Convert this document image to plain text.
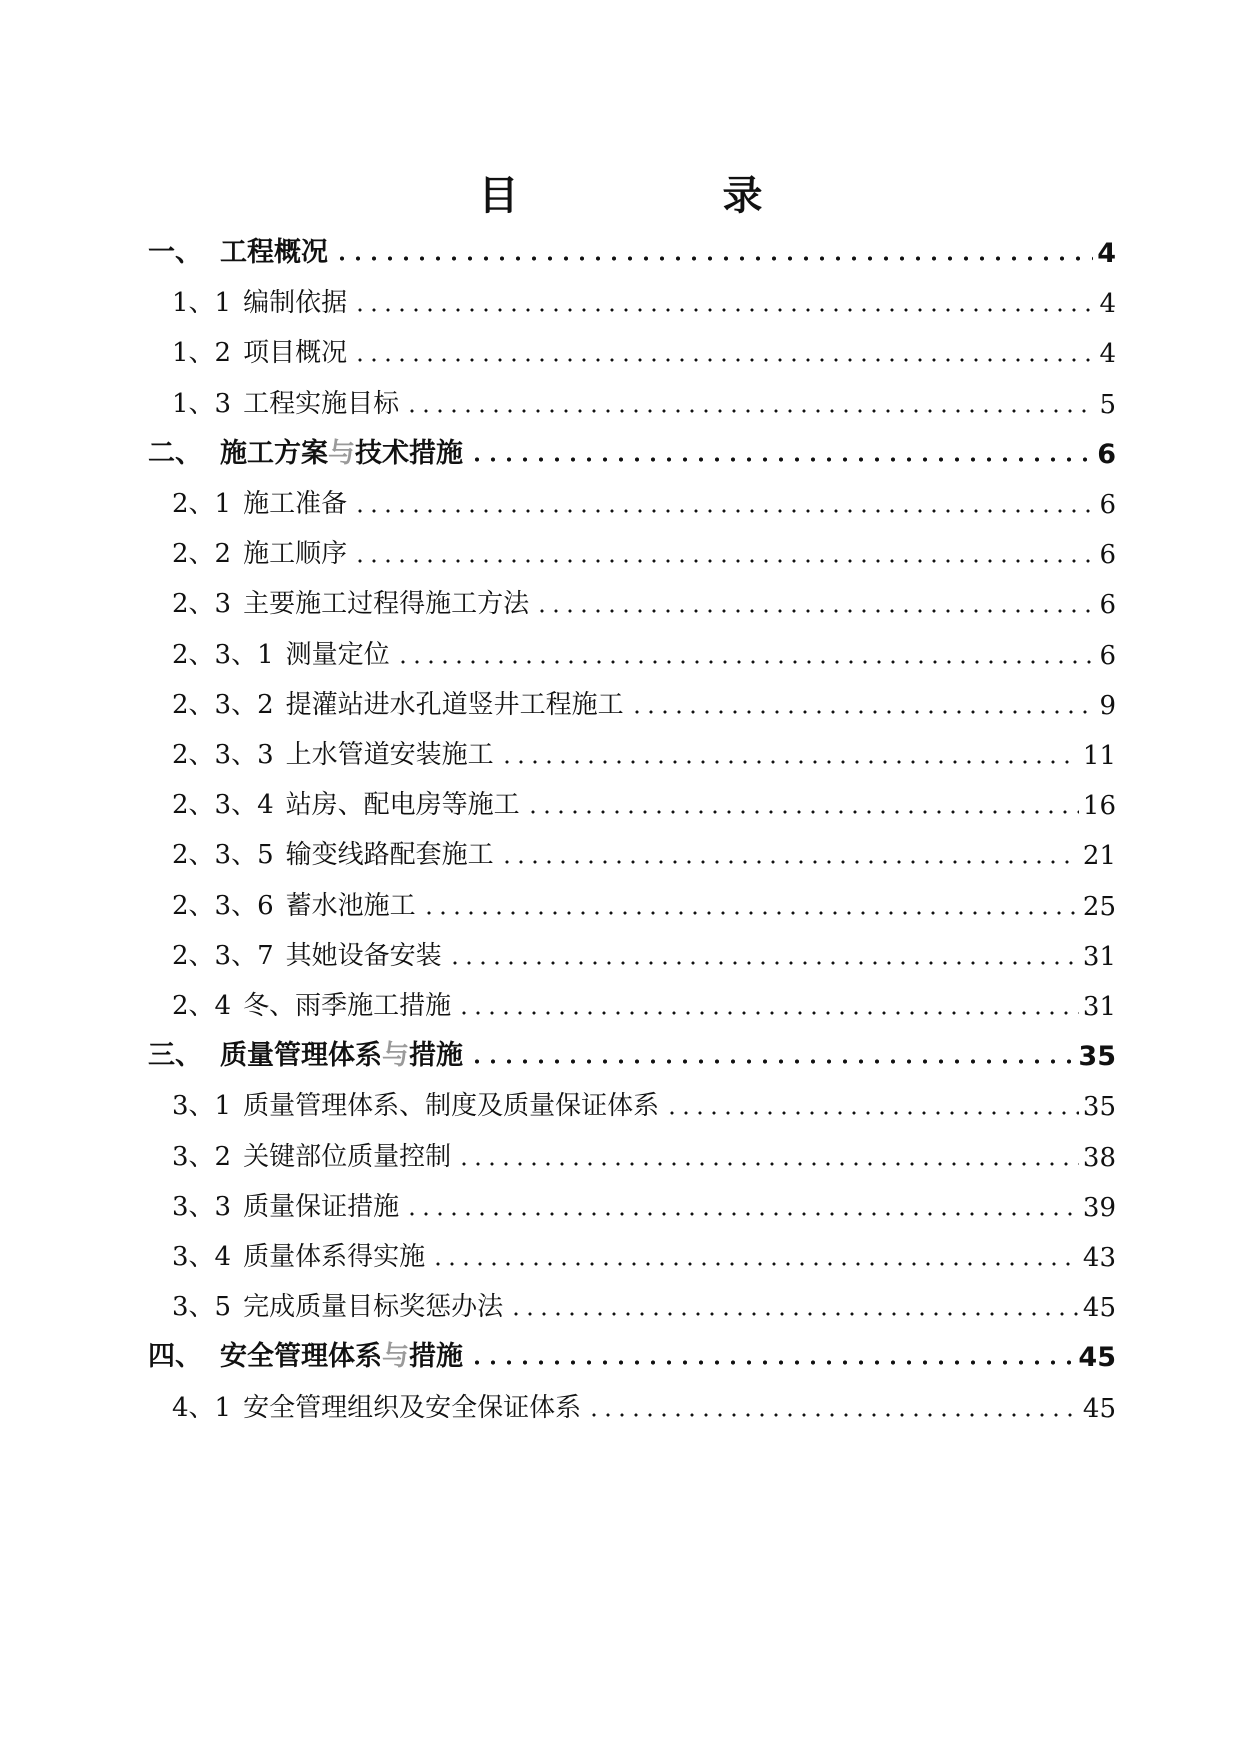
目　录
一、 工程概况	4
1、1 编制依据	4
1、2 项目概况	4
1、3 工程实施目标	5
二、 施工方案与技术措施	6
2、1 施工准备	6
2、2 施工顺序	6
2、3 主要施工过程得施工方法	6
2、3、1 测量定位	6
2、3、2 提灌站进水孔道竖井工程施工	9
2、3、3 上水管道安装施工	11
2、3、4 站房、配电房等施工	16
2、3、5 输变线路配套施工	21
2、3、6 蓄水池施工	25
2、3、7 其她设备安装	31
2、4 冬、雨季施工措施	31
三、 质量管理体系与措施	35
3、1 质量管理体系、制度及质量保证体系	35
3、2 关键部位质量控制	38
3、3 质量保证措施	39
3、4 质量体系得实施	43
3、5 完成质量目标奖惩办法	45
四、 安全管理体系与措施	45
4、1 安全管理组织及安全保证体系	45
